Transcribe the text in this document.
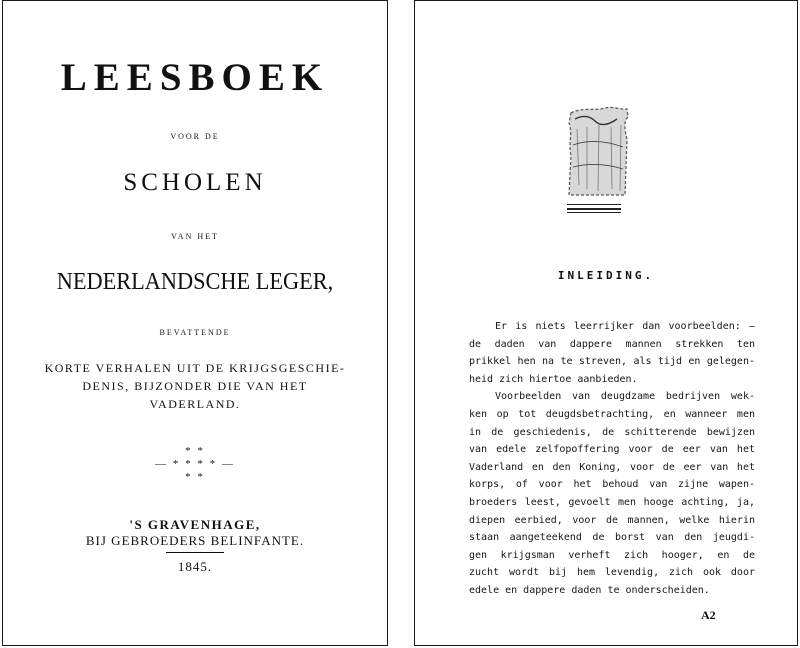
LEESBOEK
VOOR DE
SCHOLEN
VAN HET
NEDERLANDSCHE LEGER,
BEVATTENDE
KORTE VERHALEN UIT DE KRIJGSGESCHIE-
DENIS, BIJZONDER DIE VAN HET
VADERLAND.
* *
— * * * * —
* *
'S GRAVENHAGE,
BIJ GEBROEDERS BELINFANTE.
1845.
INLEIDING.
Er is niets leerrijker dan voorbeelden: —
de daden van dappere mannen strekken ten
prikkel hen na te streven, als tijd en gelegen-
heid zich hiertoe aanbieden.
Voorbeelden van deugdzame bedrijven wek-
ken op tot deugdsbetrachting, en wanneer men
in de geschiedenis, de schitterende bewijzen
van edele zelfopoffering voor de eer van het
Vaderland en den Koning, voor de eer van het
korps, of voor het behoud van zijne wapen-
broeders leest, gevoelt men hooge achting, ja,
diepen eerbied, voor de mannen, welke hierin
staan aangeteekend de borst van den jeugdi-
gen krijgsman verheft zich hooger, en de
zucht wordt bij hem levendig, zich ook door
edele en dappere daden te onderscheiden.
A2
